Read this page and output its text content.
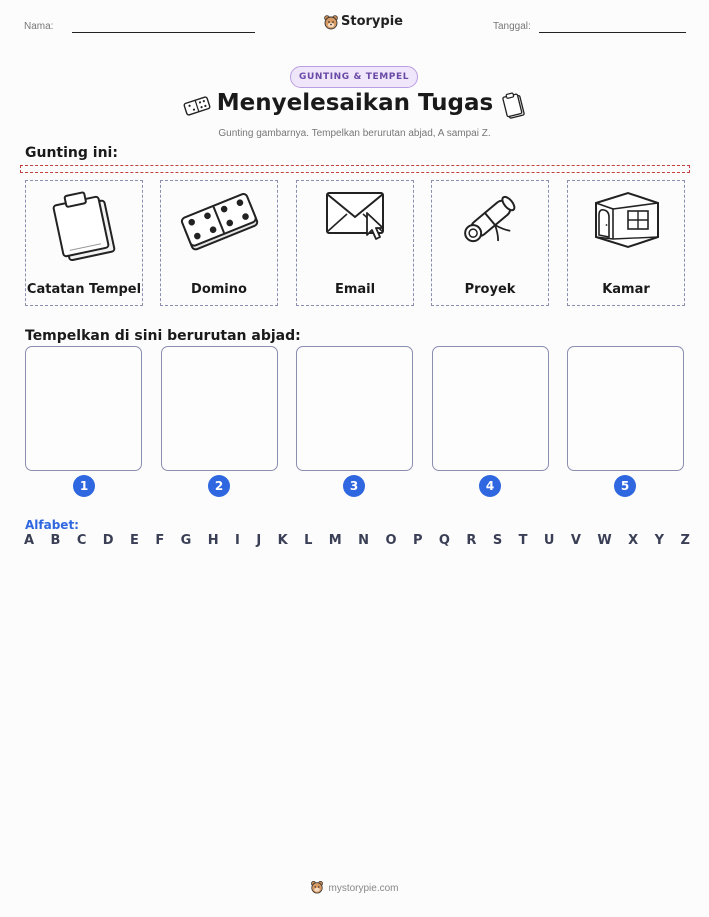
Nama:	Storypie	Tanggal:
GUNTING & TEMPEL
Menyelesaikan Tugas
Gunting gambarnya. Tempelkan berurutan abjad, A sampai Z.
Gunting ini:
Catatan Tempel	Domino	Email	Proyek	Kamar
Tempelkan di sini berurutan abjad:
1	2	3	4	5
Alfabet:
A B C D E F G H I J K L M N O P Q R S T U V W X Y Z
mystorypie.com
